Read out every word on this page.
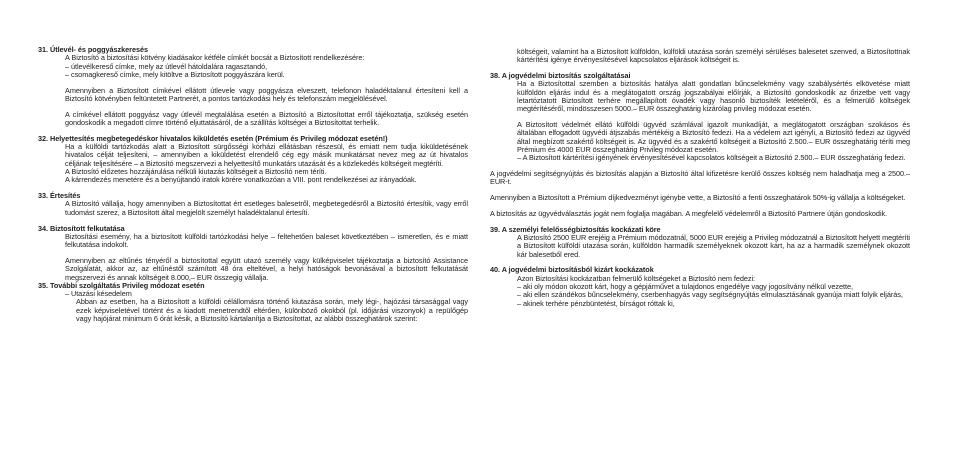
31. Útlevél- és poggyászkeresés

A Biztosító a biztosítási kötvény kiadásakor kétféle címkét bocsát a Biztosított rendelkezésére:

– útlevélkereső címke, mely az útlevél hátoldalára ragasztandó,

– csomagkereső címke, mely kitöltve a Biztosított poggyászára kerül.

Amennyiben a Biztosított címkével ellátott útlevele vagy poggyásza elveszett, telefonon haladéktalanul értesíteni kell a Biztosító kötvényben feltüntetett Partnerét, a pontos tartózkodási hely és telefonszám megjelölésével.

A címkével ellátott poggyász vagy útlevél megtalálása esetén a Biztosító a Biztosítottat erről tájékoztatja, szükség esetén gondoskodik a megadott címre történő eljuttatásáról, de a szállítás költségei a Biztosítottat terhelik.

32. Helyettesítés megbetegedéskor hivatalos kiküldetés esetén (Prémium és Privileg módozat esetén!)

Ha a külföldi tartózkodás alatt a Biztosított sürgősségi kórházi ellátásban részesül, és emiatt nem tudja kiküldetésének hivatalos célját teljesíteni, – amennyiben a kiküldetést elrendelő cég egy másik munkatársat nevez meg az út hivatalos céljának teljesítésére – a Biztosító megszervezi a helyettesítő munkatárs utazását és a közlekedés költségeit megtéríti.

A Biztosító előzetes hozzájárulása nélküli kiutazás költségeit a Biztosító nem téríti.

A kárrendezés menetére és a benyújtandó iratok körére vonatkozóan a VIII. pont rendelkezései az irányadóak.

33. Értesítés

A Biztosító vállalja, hogy amennyiben a Biztosítottat ért esetleges balesetről, megbetegedésről a Biztosító értesítik, vagy erről tudomást szerez, a Biztosított által megjelölt személyt haladéktalanul értesíti.

34. Biztosított felkutatása

Biztosítási esemény, ha a biztosított külföldi tartózkodási helye – feltehetően baleset következtében – ismeretlen, és e miatt felkutatása indokolt.

Amennyiben az eltűnés tényéről a biztosítottal együtt utazó személy vagy külképviselet tájékoztatja a biztosító Assistance Szolgálatát, akkor az, az eltűnéstől számított 48 óra elteltével, a helyi hatóságok bevonásával a biztosított felkutatását megszervezi és annak költségeit 8.000,– EUR összegig vállalja.

35. További szolgáltatás Privileg módozat esetén

– Utazási késedelem

Abban az esetben, ha a Biztosított a külföldi célállomásra történő kiutazása során, mely légi-, hajózási társasággal vagy ezek képviseletével történt és a kiadott menetrendtől eltérően, különböző okokból (pl. időjárási viszonyok) a repülőgép vagy hajójárat minimum 6 órát késik, a Biztosító kártalanítja a Biztosítottat, az alábbi összeghatárok szerint:

költségeit, valamint ha a Biztosított külföldön, külföldi utazása során személyi sérüléses balesetet szenved, a Biztosítottnak kártérítési igénye érvényesítésével kapcsolatos eljárások költségeit is.

38. A jogvédelmi biztosítás szolgáltatásai

Ha a Biztosítottal szemben a biztosítás hatálya alatt gondatlan bűncselekmény vagy szabálysértés elkövetése miatt külföldön eljárás indul és a meglátogatott ország jogszabályai előírják, a Biztosító gondoskodik az őrizetbe vett vagy letartóztatott Biztosított terhére megállapított óvadék vagy hasonló biztosíték letételéről, és a felmerülő költségek megtérítéséről, mindösszesen 5000.– EUR összeghatárig kizárólag privileg módozat esetén.

A Biztosított védelmét ellátó külföldi ügyvéd számlával igazolt munkadíját, a meglátogatott országban szokásos és általában elfogadott ügyvédi átjszabás mértékéig a Biztosító fedezi. Ha a védelem azt igényli, a Biztosító fedezi az ügyvéd által megbízott szakértő költségeit is. Az ügyvéd és a szakértő költségeit a Biztosító 2.500.– EUR összeghatárig téríti meg Prémium és 4000 EUR összeghatárig Privileg módozat esetén.

– A Biztosított kártérítési igényének érvényesítésével kapcsolatos költségeit a Biztosító 2.500.– EUR összeghatárig fedezi.

A jogvédelmi segítségnyújtás és biztosítás alapján a Biztosító által kifizetésre kerülő összes költség nem haladhatja meg a 2500.– EUR-t.

Amennyiben a Biztosított a Prémium díjkedvezményt igénybe vette, a Biztosító a fenti összeghatárok 50%-ig vállalja a költségeket.

A biztosítás az ügyvédválasztás jogát nem foglalja magában. A megfelelő védelemről a Biztosító Partnere útján gondoskodik.

39. A személyi felelősségbiztosítás kockázati köre

A Biztosító 2500 EUR erejéig a Prémium módozatnál, 5000 EUR erejéig a Privileg módozatnál a Biztosított helyett megtéríti a Biztosított külföldi utazása során, külföldön harmadik személyeknek okozott kárt, ha az a harmadik személynek okozott kár balesetből ered.

40. A jogvédelmi biztosításból kizárt kockázatok

Azon Biztosítási kockázatban felmerülő költségeket a Biztosító nem fedezi:

– aki oly módon okozott kárt, hogy a gépjárművet a tulajdonos engedélye vagy jogosítvány nélkül vezette,

– aki ellen szándékos bűncselekmény, cserbenhagyás vagy segítségnyújtás elmulasztásának gyanúja miatt folyik eljárás,

– akinek terhére pénzbüntetést, bírságot róttak ki,
